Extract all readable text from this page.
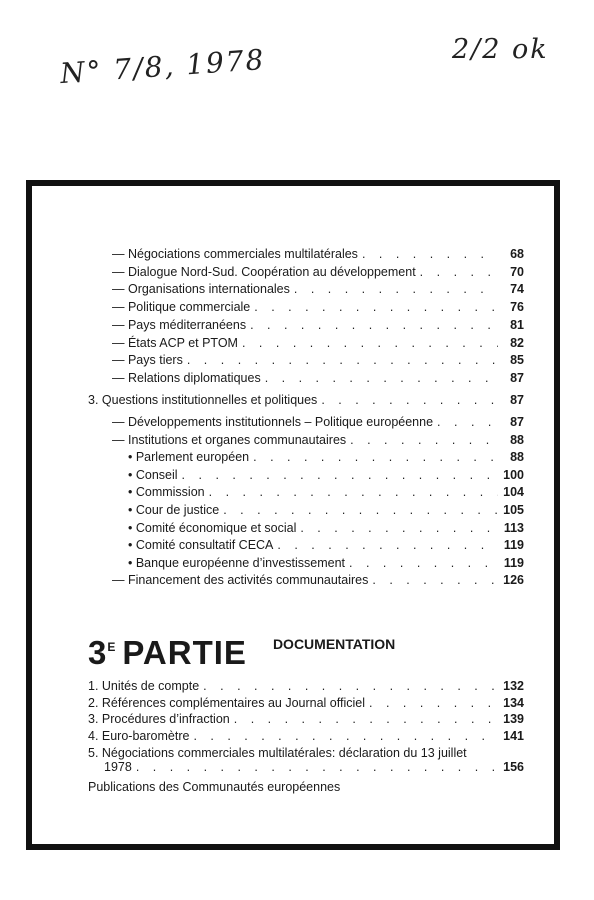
N° 7/8, 1978	2/2 ok
$3^E$ PARTIE DOCUMENTATION
Publications des Communautés européennes
— Négociations commerciales multilatérales . . .	68
— Dialogue Nord-Sud. Coopération au développement . . .	70
— Organisations internationales . . .	74
— Politique commerciale . . .	76
— Pays méditerranéens . . .	81
— États ACP et PTOM . . .	82
— Pays tiers . . .	85
— Relations diplomatiques . . .	87
3. Questions institutionnelles et politiques . . .	87
— Développements institutionnels – Politique européenne . . .	87
— Institutions et organes communautaires . . .	88
• Parlement européen . . .	88
• Conseil . . .	100
• Commission . . .	104
• Cour de justice . . .	105
• Comité économique et social . . .	113
• Comité consultatif CECA . . .	119
• Banque européenne d’investissement . . .	119
— Financement des activités communautaires . . .	126
1. Unités de compte . . .	132
2. Références complémentaires au Journal officiel . . .	134
3. Procédures d’infraction . . .	139
4. Euro-baromètre . . .	141
5. Négociations commerciales multilatérales: déclaration du 13 juillet
1978 . . .	156
